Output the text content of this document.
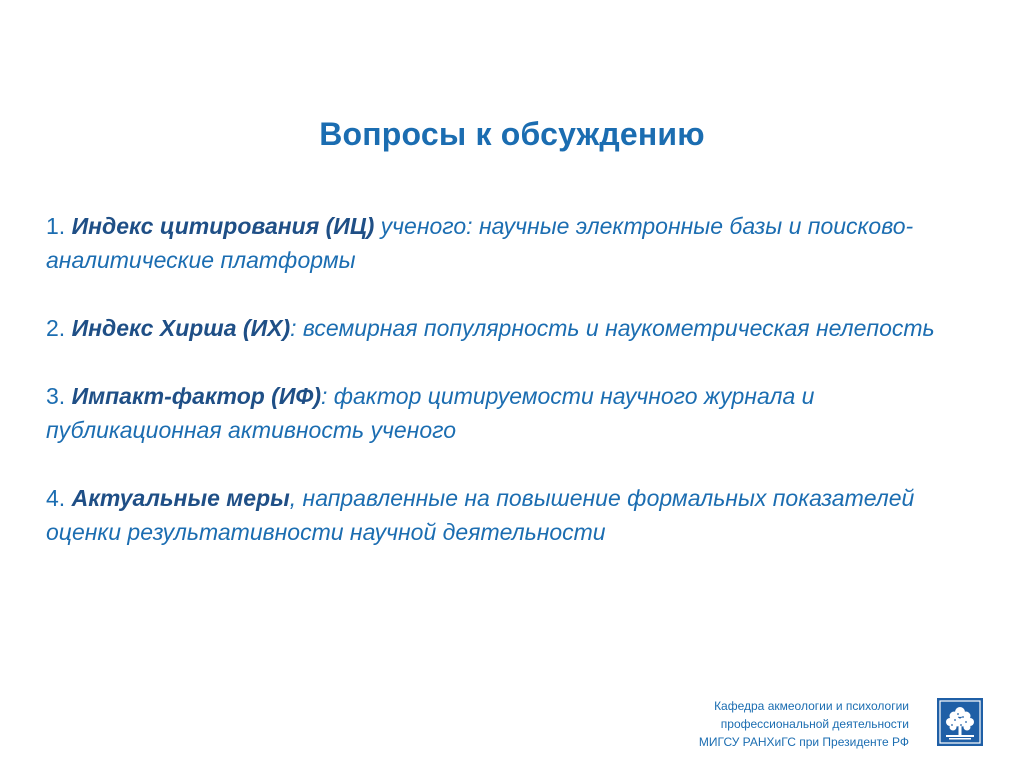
Вопросы к обсуждению
1. Индекс цитирования (ИЦ) ученого: научные электронные базы и поисково-аналитические платформы
2. Индекс Хирша (ИХ): всемирная популярность и наукометрическая нелепость
3. Импакт-фактор (ИФ): фактор цитируемости научного журнала и публикационная активность ученого
4. Актуальные меры, направленные на повышение формальных показателей оценки результативности научной деятельности
Кафедра акмеологии и психологии
профессиональной деятельности
МИГСУ РАНХиГС при Президенте РФ
